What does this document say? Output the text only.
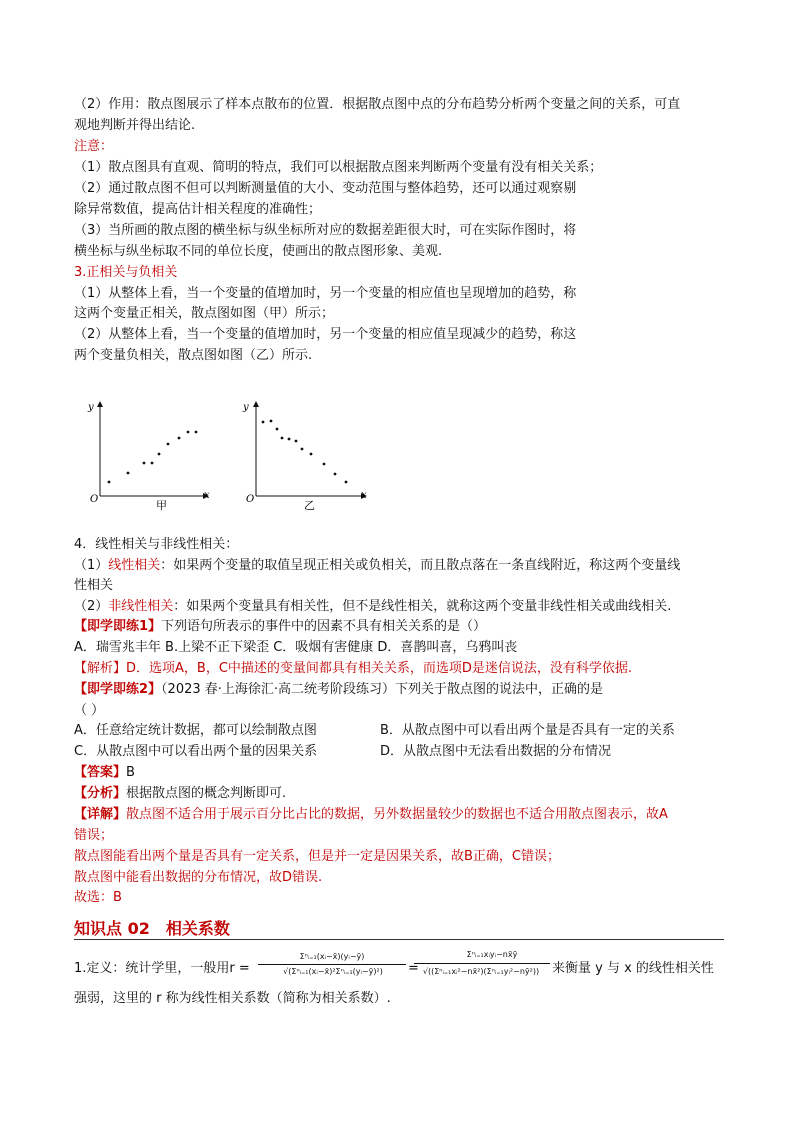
（2）作用：散点图展示了样本点散布的位置．根据散点图中点的分布趋势分析两个变量之间的关系，可直
观地判断并得出结论.
注意：
（1）散点图具有直观、简明的特点，我们可以根据散点图来判断两个变量有没有相关关系；
（2）通过散点图不但可以判断测量值的大小、变动范围与整体趋势，还可以通过观察剔
除异常数值，提高估计相关程度的准确性；
（3）当所画的散点图的横坐标与纵坐标所对应的数据差距很大时，可在实际作图时，将
横坐标与纵坐标取不同的单位长度，使画出的散点图形象、美观.
3.正相关与负相关
（1）从整体上看，当一个变量的值增加时，另一个变量的相应值也呈现增加的趋势，称
这两个变量正相关，散点图如图（甲）所示；
（2）从整体上看，当一个变量的值增加时，另一个变量的相应值呈现减少的趋势，称这
两个变量负相关，散点图如图（乙）所示.
y
x
O	甲
y
x
O	乙
4．线性相关与非线性相关：
（1）线性相关：如果两个变量的取值呈现正相关或负相关，而且散点落在一条直线附近，称这两个变量线
性相关
（2）非线性相关：如果两个变量具有相关性，但不是线性相关，就称这两个变量非线性相关或曲线相关.
【即学即练1】下列语句所表示的事件中的因素不具有相关关系的是（）
A．瑞雪兆丰年 B.上梁不正下梁歪 C．吸烟有害健康 D．喜鹊叫喜，乌鸦叫丧
【解析】D．选项A，B，C中描述的变量间都具有相关关系，而选项D是迷信说法，没有科学依据.
【即学即练2】（2023 春·上海徐汇·高二统考阶段练习）下列关于散点图的说法中，正确的是
（ ）
A．任意给定统计数据，都可以绘制散点图	B．从散点图中可以看出两个量是否具有一定的关系
C．从散点图中可以看出两个量的因果关系	D．从散点图中无法看出数据的分布情况
【答案】B
【分析】根据散点图的概念判断即可.
【详解】散点图不适合用于展示百分比占比的数据，另外数据量较少的数据也不适合用散点图表示，故A
错误；
散点图能看出两个量是否具有一定关系，但是并一定是因果关系，故B正确，C错误；
散点图中能看出数据的分布情况，故D错误.
故选：B
知识点 02 相关系数
1.定义：统计学里，一般用r =
Σⁿᵢ₌₁(xᵢ−x̄)(yᵢ−ȳ)
√(Σⁿᵢ₌₁(xᵢ−x̄)²Σⁿᵢ₌₁(yᵢ−ȳ)²)	=
Σⁿᵢ₌₁xᵢyᵢ−nx̄ȳ
√((Σⁿᵢ₌₁xᵢ²−nx̄²)(Σⁿᵢ₌₁yᵢ²−nȳ²)) 来衡量 y 与 x 的线性相关性
强弱，这里的 r 称为线性相关系数（简称为相关系数）.
